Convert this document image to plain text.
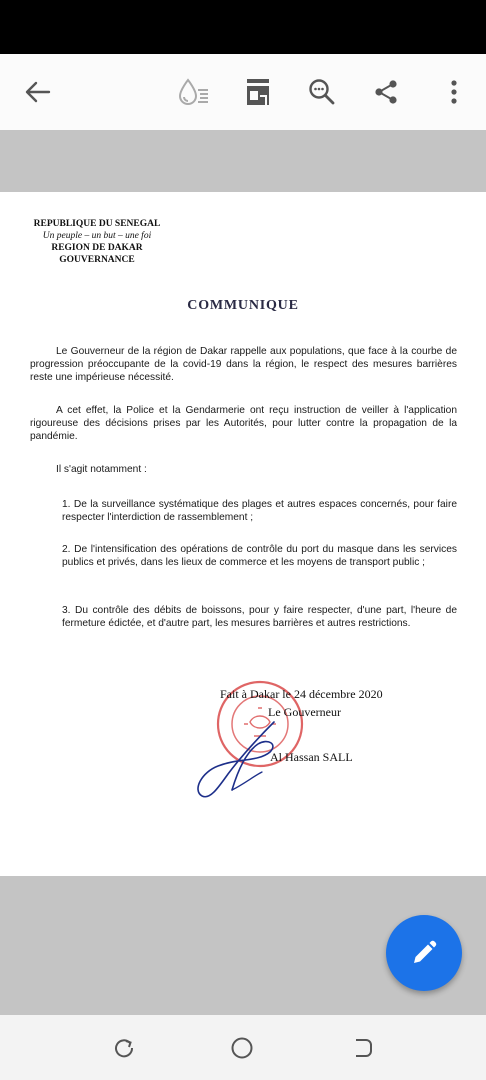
REPUBLIQUE DU SENEGAL
Un peuple – un but – une foi
REGION DE DAKAR
GOUVERNANCE
COMMUNIQUE
Le Gouverneur de la région de Dakar rappelle aux populations, que face à la courbe de progression préoccupante de la covid-19 dans la région, le respect des mesures barrières reste une impérieuse nécessité.
A cet effet, la Police et la Gendarmerie ont reçu instruction de veiller à l'application rigoureuse des décisions prises par les Autorités, pour lutter contre la propagation de la pandémie.
Il s'agit notamment :
1. De la surveillance systématique des plages et autres espaces concernés, pour faire respecter l'interdiction de rassemblement ;
2. De l'intensification des opérations de contrôle du port du masque dans les services publics et privés, dans les lieux de commerce et les moyens de transport public ;
3. Du contrôle des débits de boissons, pour y faire respecter, d'une part, l'heure de fermeture édictée, et d'autre part, les mesures barrières et autres restrictions.
Fait à Dakar le 24 décembre 2020
Le Gouverneur
Al Hassan SALL
